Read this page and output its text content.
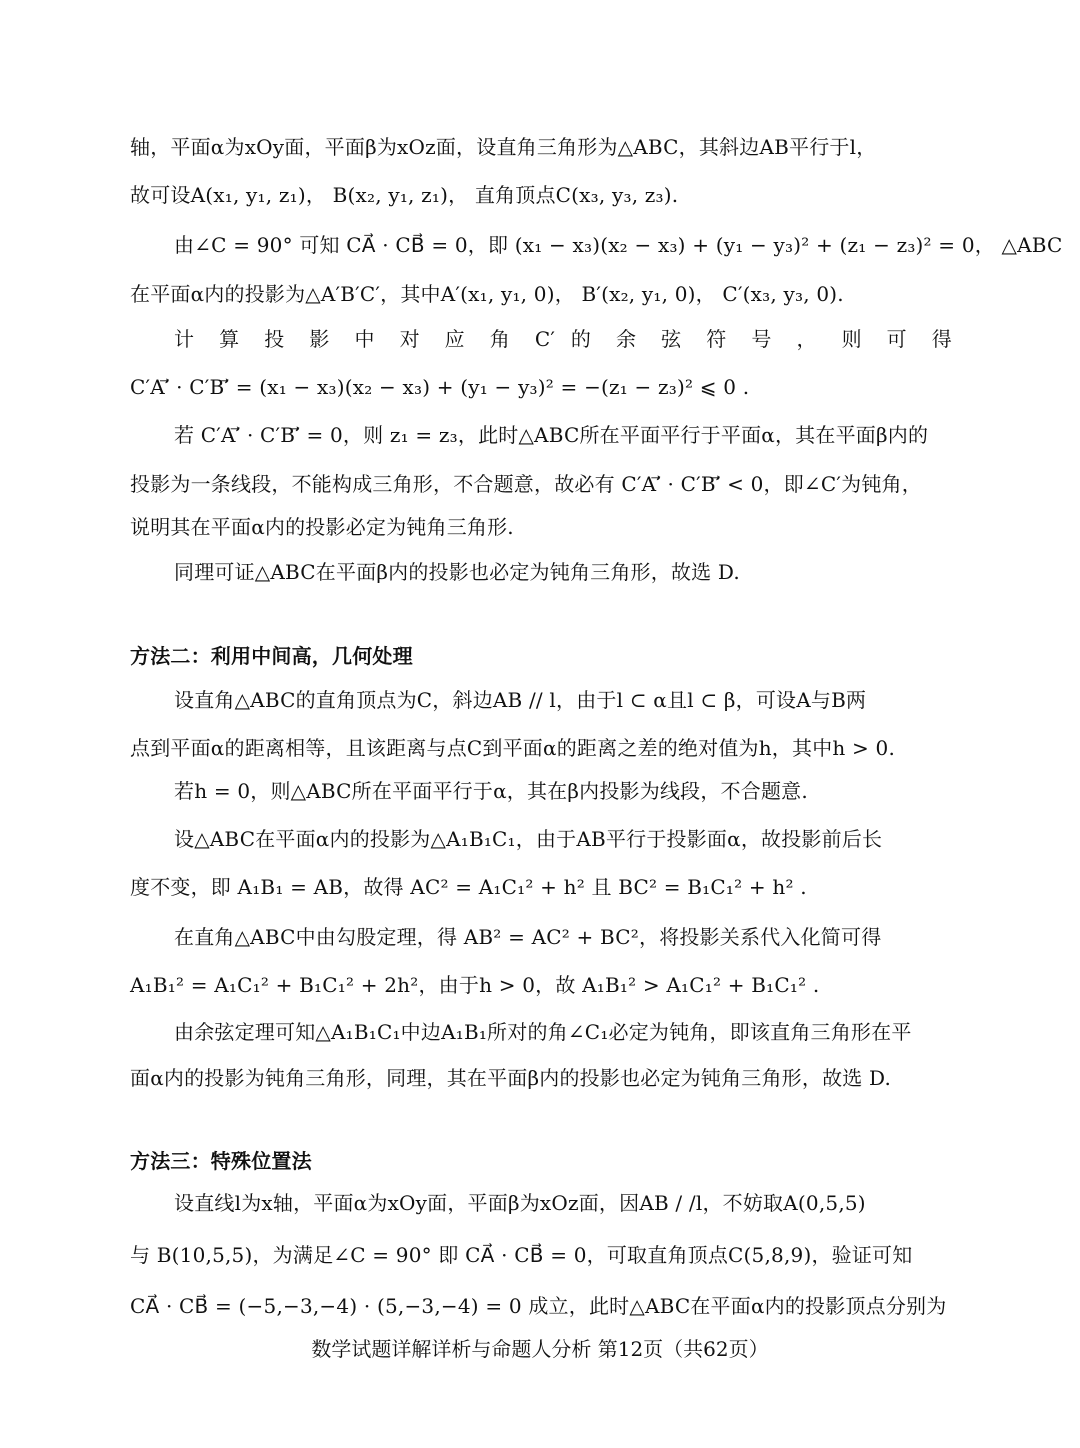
轴，平面α为xOy面，平面β为xOz面，设直角三角形为△ABC，其斜边AB平行于l，
故可设A(x₁, y₁, z₁)， B(x₂, y₁, z₁)， 直角顶点C(x₃, y₃, z₃).
由∠C = 90° 可知 CA⃗ · CB⃗ = 0，即 (x₁ − x₃)(x₂ − x₃) + (y₁ − y₃)² + (z₁ − z₃)² = 0， △ABC
在平面α内的投影为△A′B′C′，其中A′(x₁, y₁, 0)， B′(x₂, y₁, 0)， C′(x₃, y₃, 0).
计 算 投 影 中 对 应 角 C′ 的 余 弦 符 号 ， 则 可 得
C′A′⃗ · C′B′⃗ = (x₁ − x₃)(x₂ − x₃) + (y₁ − y₃)² = −(z₁ − z₃)² ⩽ 0 .
若 C′A′⃗ · C′B′⃗ = 0，则 z₁ = z₃，此时△ABC所在平面平行于平面α，其在平面β内的
投影为一条线段，不能构成三角形，不合题意，故必有 C′A′⃗ · C′B′⃗ < 0，即∠C′为钝角，
说明其在平面α内的投影必定为钝角三角形.
同理可证△ABC在平面β内的投影也必定为钝角三角形，故选 D.
方法二：利用中间高，几何处理
设直角△ABC的直角顶点为C，斜边AB // l，由于l ⊂ α且l ⊂ β，可设A与B两
点到平面α的距离相等，且该距离与点C到平面α的距离之差的绝对值为h，其中h > 0.
若h = 0，则△ABC所在平面平行于α，其在β内投影为线段，不合题意.
设△ABC在平面α内的投影为△A₁B₁C₁，由于AB平行于投影面α，故投影前后长
度不变，即 A₁B₁ = AB，故得 AC² = A₁C₁² + h² 且 BC² = B₁C₁² + h² .
在直角△ABC中由勾股定理，得 AB² = AC² + BC²，将投影关系代入化简可得
A₁B₁² = A₁C₁² + B₁C₁² + 2h²，由于h > 0，故 A₁B₁² > A₁C₁² + B₁C₁² .
由余弦定理可知△A₁B₁C₁中边A₁B₁所对的角∠C₁必定为钝角，即该直角三角形在平
面α内的投影为钝角三角形，同理，其在平面β内的投影也必定为钝角三角形，故选 D.
方法三：特殊位置法
设直线l为x轴，平面α为xOy面，平面β为xOz面，因AB / /l，不妨取A(0,5,5)
与 B(10,5,5)，为满足∠C = 90° 即 CA⃗ · CB⃗ = 0，可取直角顶点C(5,8,9)，验证可知
CA⃗ · CB⃗ = (−5,−3,−4) · (5,−3,−4) = 0 成立，此时△ABC在平面α内的投影顶点分别为
数学试题详解详析与命题人分析 第12页（共62页）
